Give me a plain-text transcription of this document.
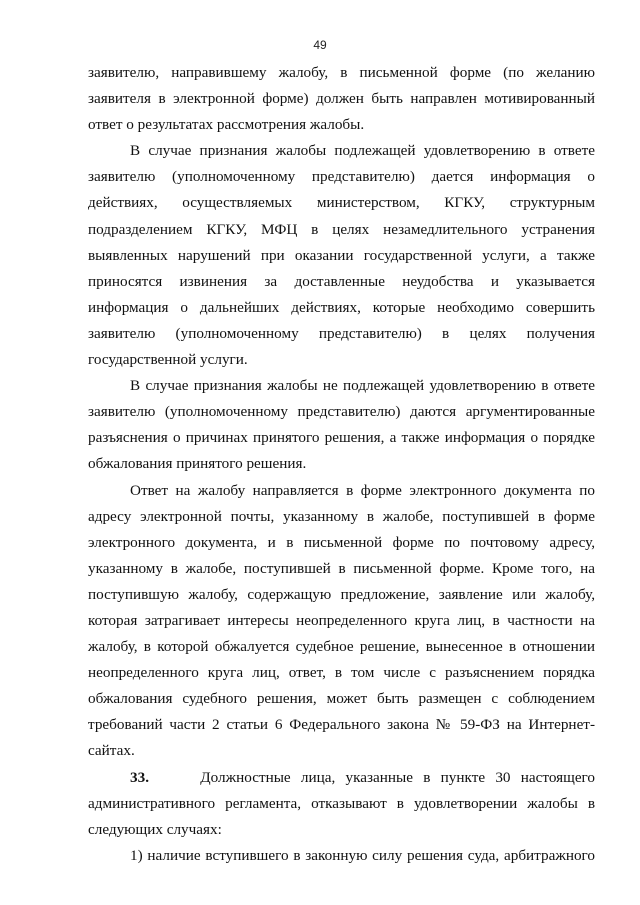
49
заявителю, направившему жалобу, в письменной форме (по желанию
заявителя в электронной форме) должен быть направлен мотивированный
ответ о результатах рассмотрения жалобы.
В случае признания жалобы подлежащей удовлетворению в ответе
заявителю (уполномоченному представителю) дается информация о
действиях, осуществляемых министерством, КГКУ, структурным
подразделением КГКУ, МФЦ в целях незамедлительного устранения
выявленных нарушений при оказании государственной услуги, а также
приносятся извинения за доставленные неудобства и указывается
информация о дальнейших действиях, которые необходимо совершить
заявителю (уполномоченному представителю) в целях получения
государственной услуги.
В случае признания жалобы не подлежащей удовлетворению в ответе
заявителю (уполномоченному представителю) даются аргументированные
разъяснения о причинах принятого решения, а также информация о порядке
обжалования принятого решения.
Ответ на жалобу направляется в форме электронного документа по
адресу электронной почты, указанному в жалобе, поступившей в форме
электронного документа, и в письменной форме по почтовому адресу,
указанному в жалобе, поступившей в письменной форме. Кроме того, на
поступившую жалобу, содержащую предложение, заявление или жалобу,
которая затрагивает интересы неопределенного круга лиц, в частности на
жалобу, в которой обжалуется судебное решение, вынесенное в отношении
неопределенного круга лиц, ответ, в том числе с разъяснением порядка
обжалования судебного решения, может быть размещен с соблюдением
требований части 2 статьи 6 Федерального закона № 59-ФЗ на Интернет-
сайтах.
33.	Должностные лица, указанные в пункте 30 настоящего
административного регламента, отказывают в удовлетворении жалобы в
следующих случаях:
1) наличие вступившего в законную силу решения суда, арбитражного
